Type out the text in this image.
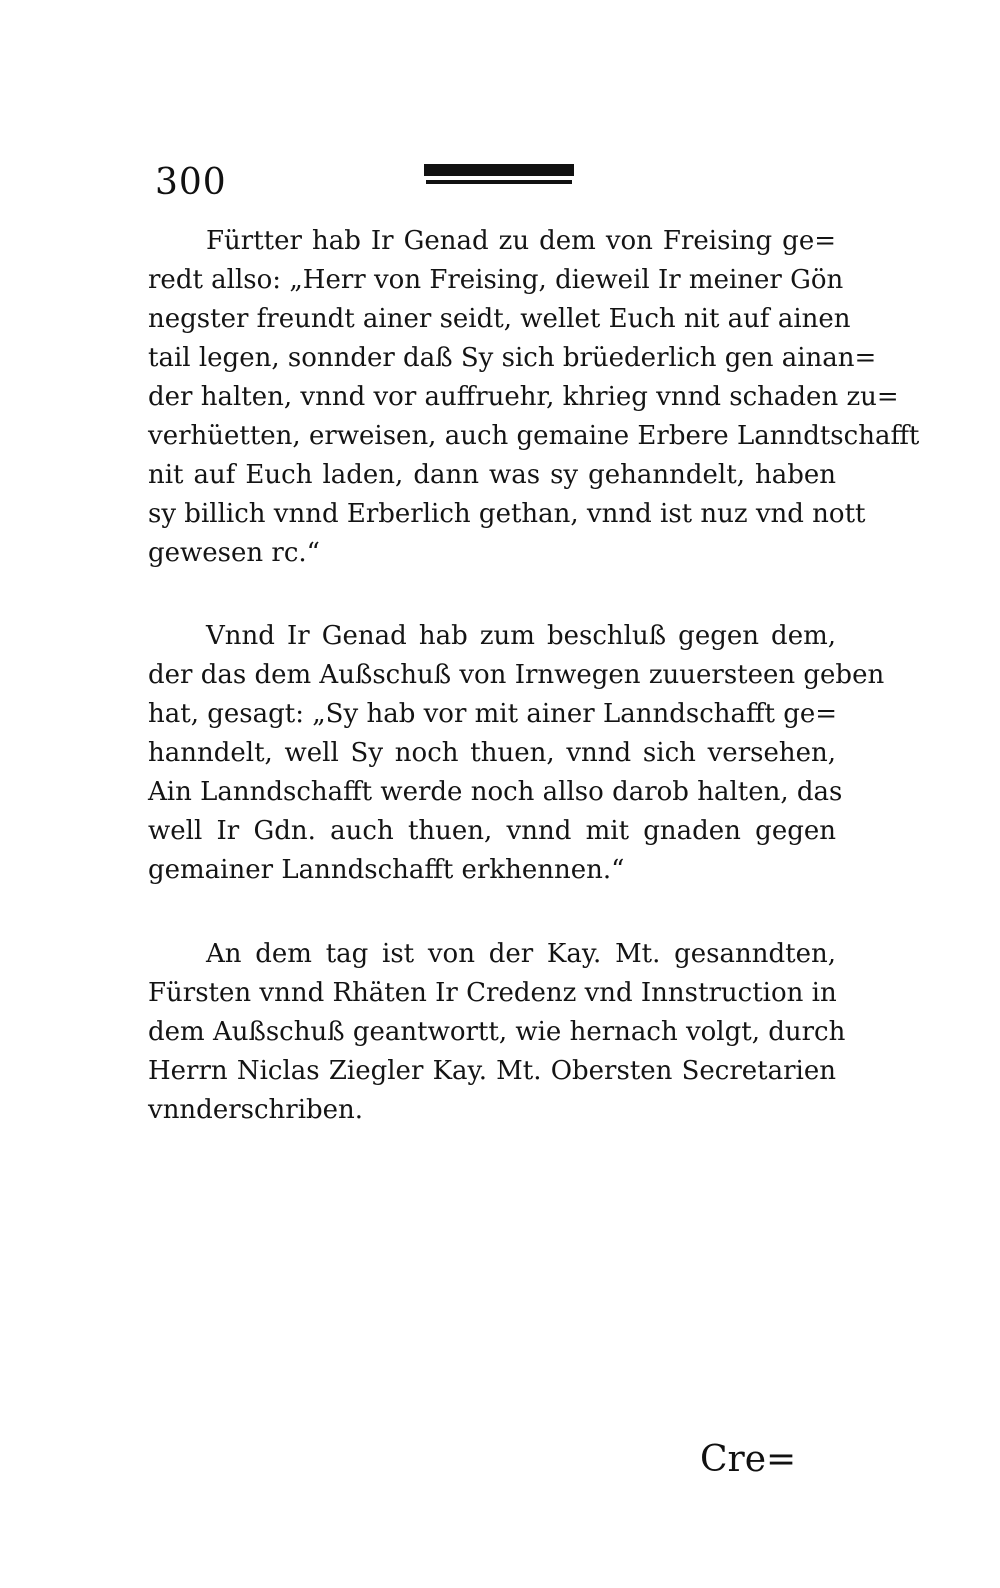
300
Fürtter hab Ir Genad zu dem von Freising ge=
redt allso: „Herr von Freising, dieweil Ir meiner Gön
negster freundt ainer seidt, wellet Euch nit auf ainen
tail legen, sonnder daß Sy sich brüederlich gen ainan=
der halten, vnnd vor auffruehr, khrieg vnnd schaden zu=
verhüetten, erweisen, auch gemaine Erbere Lanndtschafft
nit auf Euch laden, dann was sy gehanndelt, haben
sy billich vnnd Erberlich gethan, vnnd ist nuz vnd nott
gewesen rc.“
Vnnd Ir Genad hab zum beschluß gegen dem,
der das dem Außschuß von Irnwegen zuuersteen geben
hat, gesagt: „Sy hab vor mit ainer Lanndschafft ge=
hanndelt, well Sy noch thuen, vnnd sich versehen,
Ain Lanndschafft werde noch allso darob halten, das
well Ir Gdn. auch thuen, vnnd mit gnaden gegen
gemainer Lanndschafft erkhennen.“
An dem tag ist von der Kay. Mt. gesanndten,
Fürsten vnnd Rhäten Ir Credenz vnd Innstruction in
dem Außschuß geantwortt, wie hernach volgt, durch
Herrn Niclas Ziegler Kay. Mt. Obersten Secretarien
vnnderschriben.
Cre=
